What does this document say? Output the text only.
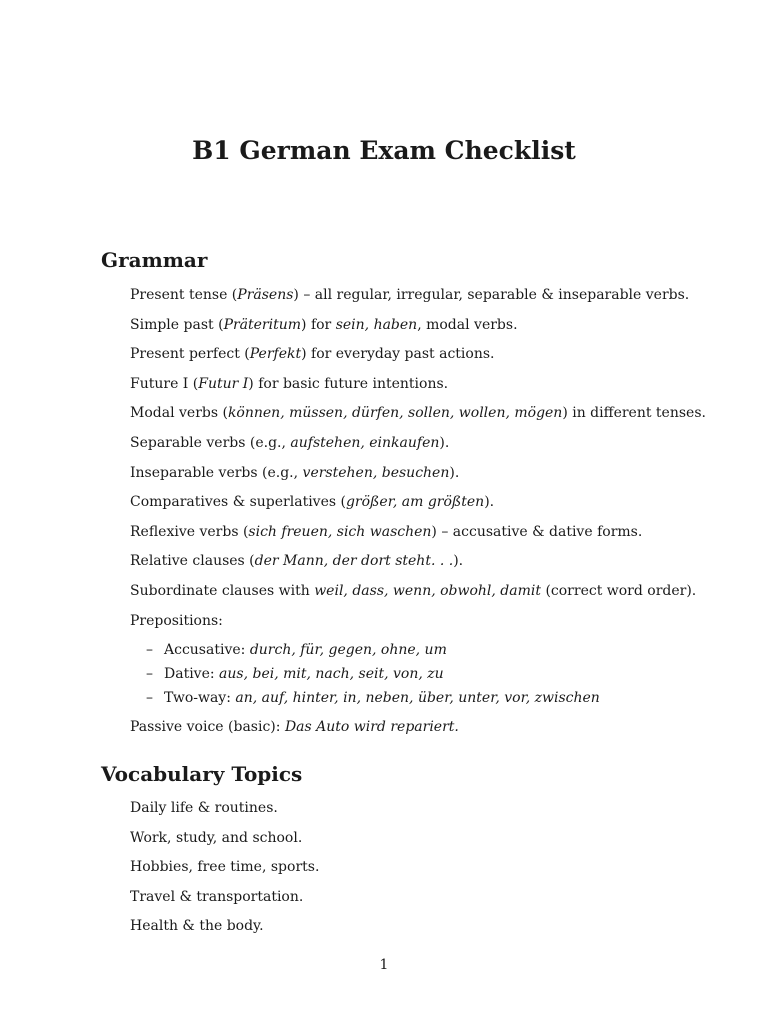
B1 German Exam Checklist
Grammar

Present tense (Präsens) – all regular, irregular, separable & inseparable verbs.

Simple past (Präteritum) for sein, haben, modal verbs.

Present perfect (Perfekt) for everyday past actions.

Future I (Futur I) for basic future intentions.

Modal verbs (können, müssen, dürfen, sollen, wollen, mögen) in different tenses.

Separable verbs (e.g., aufstehen, einkaufen).

Inseparable verbs (e.g., verstehen, besuchen).

Comparatives & superlatives (größer, am größten).

Reflexive verbs (sich freuen, sich waschen) – accusative & dative forms.

Relative clauses (der Mann, der dort steht. . .).

Subordinate clauses with weil, dass, wenn, obwohl, damit (correct word order).

Prepositions:

– Accusative: durch, für, gegen, ohne, um

– Dative: aus, bei, mit, nach, seit, von, zu

– Two-way: an, auf, hinter, in, neben, über, unter, vor, zwischen

Passive voice (basic): Das Auto wird repariert.

Vocabulary Topics

Daily life & routines.

Work, study, and school.

Hobbies, free time, sports.

Travel & transportation.

Health & the body.

1
